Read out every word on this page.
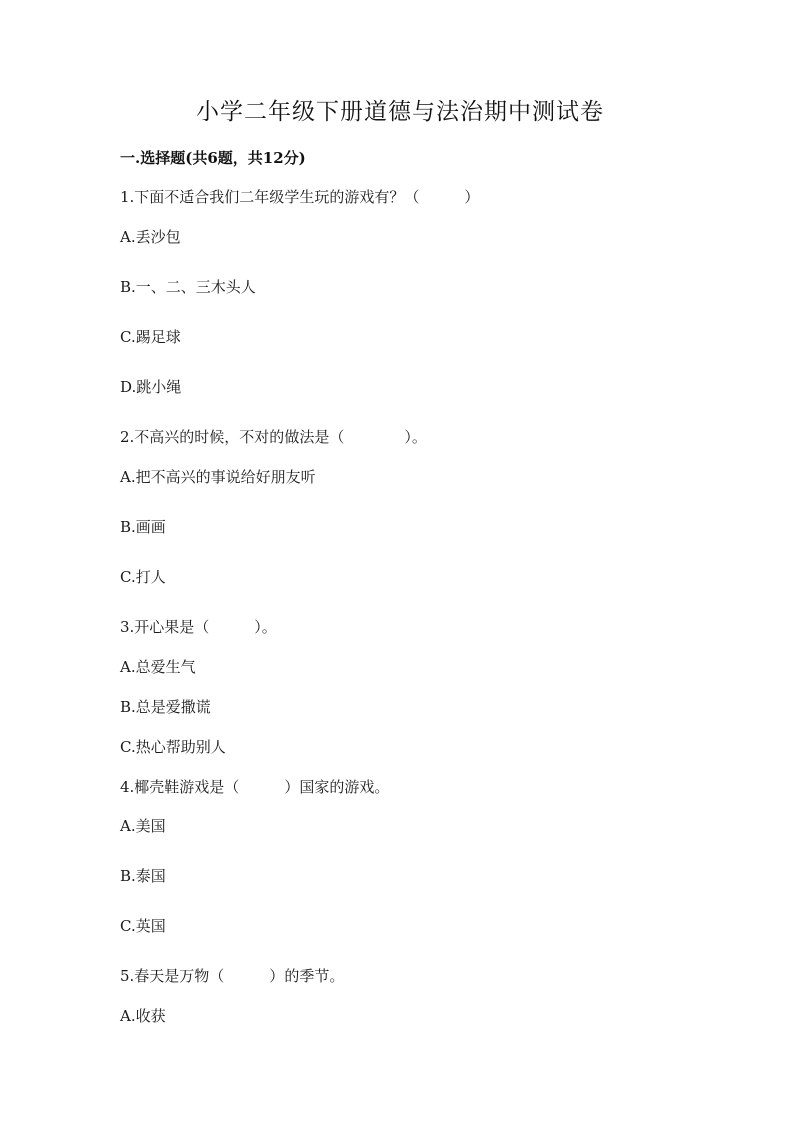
小学二年级下册道德与法治期中测试卷
一.选择题(共6题，共12分)
1.下面不适合我们二年级学生玩的游戏有？（　　　）
A.丢沙包
B.一、二、三木头人
C.踢足球
D.跳小绳
2.不高兴的时候，不对的做法是（　　　　）。
A.把不高兴的事说给好朋友听
B.画画
C.打人
3.开心果是（　　　）。
A.总爱生气
B.总是爱撒谎
C.热心帮助别人
4.椰壳鞋游戏是（　　　）国家的游戏。
A.美国
B.泰国
C.英国
5.春天是万物（　　　）的季节。
A.收获
